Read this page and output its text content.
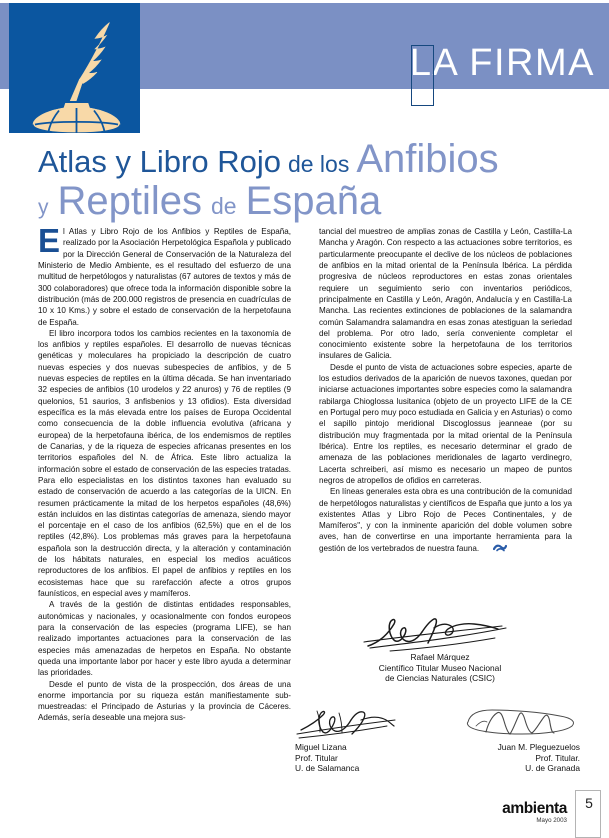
LA FIRMA
Atlas y Libro Rojo de los Anfibios
y Reptiles de España

El Atlas y Libro Rojo de los Anfibios y Reptiles de España, realizado por la Asociación Herpetológica Española y publicado por la Dirección General de Conservación de la Naturaleza del Ministerio de Medio Ambiente, es el resultado del esfuerzo de una multitud de herpetólogos y naturalistas (67 autores de textos y más de 300 colaboradores) que ofrece toda la información disponible sobre la distribución (más de 200.000 registros de presencia en cuadrículas de 10 x 10 Kms.) y sobre el estado de conservación de la herpetofauna de España.

El libro incorpora todos los cambios recientes en la taxonomía de los anfibios y reptiles españoles. El desarrollo de nuevas técnicas genéticas y moleculares ha propiciado la descripción de cuatro nuevas especies y dos nuevas subespecies de anfibios, y de 5 nuevas especies de reptiles en la última década. Se han inventariado 32 especies de anfibios (10 urodelos y 22 anuros) y 76 de reptiles (9 quelonios, 51 saurios, 3 anfisbenios y 13 ofidios). Esta diversidad específica es la más elevada entre los países de Europa Occidental como consecuencia de la doble influencia evolutiva (africana y europea) de la herpetofauna ibérica, de los endemismos de reptiles de Canarias, y de la riqueza de especies africanas presentes en los territorios españoles del N. de África. Este libro actualiza la información sobre el estado de conservación de las especies tratadas. Para ello especialistas en los distintos taxones han evaluado su estado de conservación de acuerdo a las categorías de la UICN. En resumen prácticamente la mitad de los herpetos españoles (48,6%) están incluidos en las distintas categorías de amenaza, siendo mayor el porcentaje en el caso de los anfibios (62,5%) que en el de los reptiles (42,8%). Los problemas más graves para la herpetofauna española son la destrucción directa, y la alteración y contaminación de los hábitats naturales, en especial los medios acuáticos reproductores de los anfibios. El papel de anfibios y reptiles en los ecosistemas hace que su rarefacción afecte a otros grupos faunísticos, en especial aves y mamíferos.

A través de la gestión de distintas entidades responsables, autonómicas y nacionales, y ocasionalmente con fondos europeos para la conservación de las especies (programa LIFE), se han realizado importantes actuaciones para la conservación de las especies más amenazadas de herpetos en España. No obstante queda una importante labor por hacer y este libro ayuda a determinar las prioridades.

Desde el punto de vista de la prospección, dos áreas de una enorme importancia por su riqueza están manifiestamente sub-muestreadas: el Principado de Asturias y la provincia de Cáceres. Además, sería deseable una mejora sus-

tancial del muestreo de amplias zonas de Castilla y León, Castilla-La Mancha y Aragón. Con respecto a las actuaciones sobre territorios, es particularmente preocupante el declive de los núcleos de poblaciones de anfibios en la mitad oriental de la Península Ibérica. La pérdida progresiva de núcleos reproductores en estas zonas orientales requiere un seguimiento serio con inventarios periódicos, principalmente en Castilla y León, Aragón, Andalucía y en Castilla-La Mancha. Las recientes extinciones de poblaciones de la salamandra común Salamandra salamandra en esas zonas atestiguan la seriedad del problema. Por otro lado, sería conveniente completar el conocimiento existente sobre la herpetofauna de los territorios insulares de Galicia.

Desde el punto de vista de actuaciones sobre especies, aparte de los estudios derivados de la aparición de nuevos taxones, quedan por iniciarse actuaciones importantes sobre especies como la salamandra rabilarga Chioglossa lusitanica (objeto de un proyecto LIFE de la CE en Portugal pero muy poco estudiada en Galicia y en Asturias) o como el sapillo pintojo meridional Discoglossus jeanneae (por su distribución muy fragmentada por la mitad oriental de la Península Ibérica). Entre los reptiles, es necesario determinar el grado de amenaza de las poblaciones meridionales de lagarto verdinegro, Lacerta schreiberi, así mismo es necesario un mapeo de puntos negros de atropellos de ofidios en carreteras.

En líneas generales esta obra es una contribución de la comunidad de herpetólogos naturalistas y científicos de España que junto a los ya existentes Atlas y Libro Rojo de Peces Continentales, y de Mamíferos", y con la inminente aparición del doble volumen sobre aves, han de convertirse en una importante herramienta para la gestión de los vertebrados de nuestra fauna.

Rafael Márquez

Científico Titular Museo Nacional

de Ciencias Naturales (CSIC)

Miguel Lizana

Prof. Titular

U. de Salamanca

Juan M. Pleguezuelos

Prof. Titular.

U. de Granada

ambienta
Mayo 2003
5
